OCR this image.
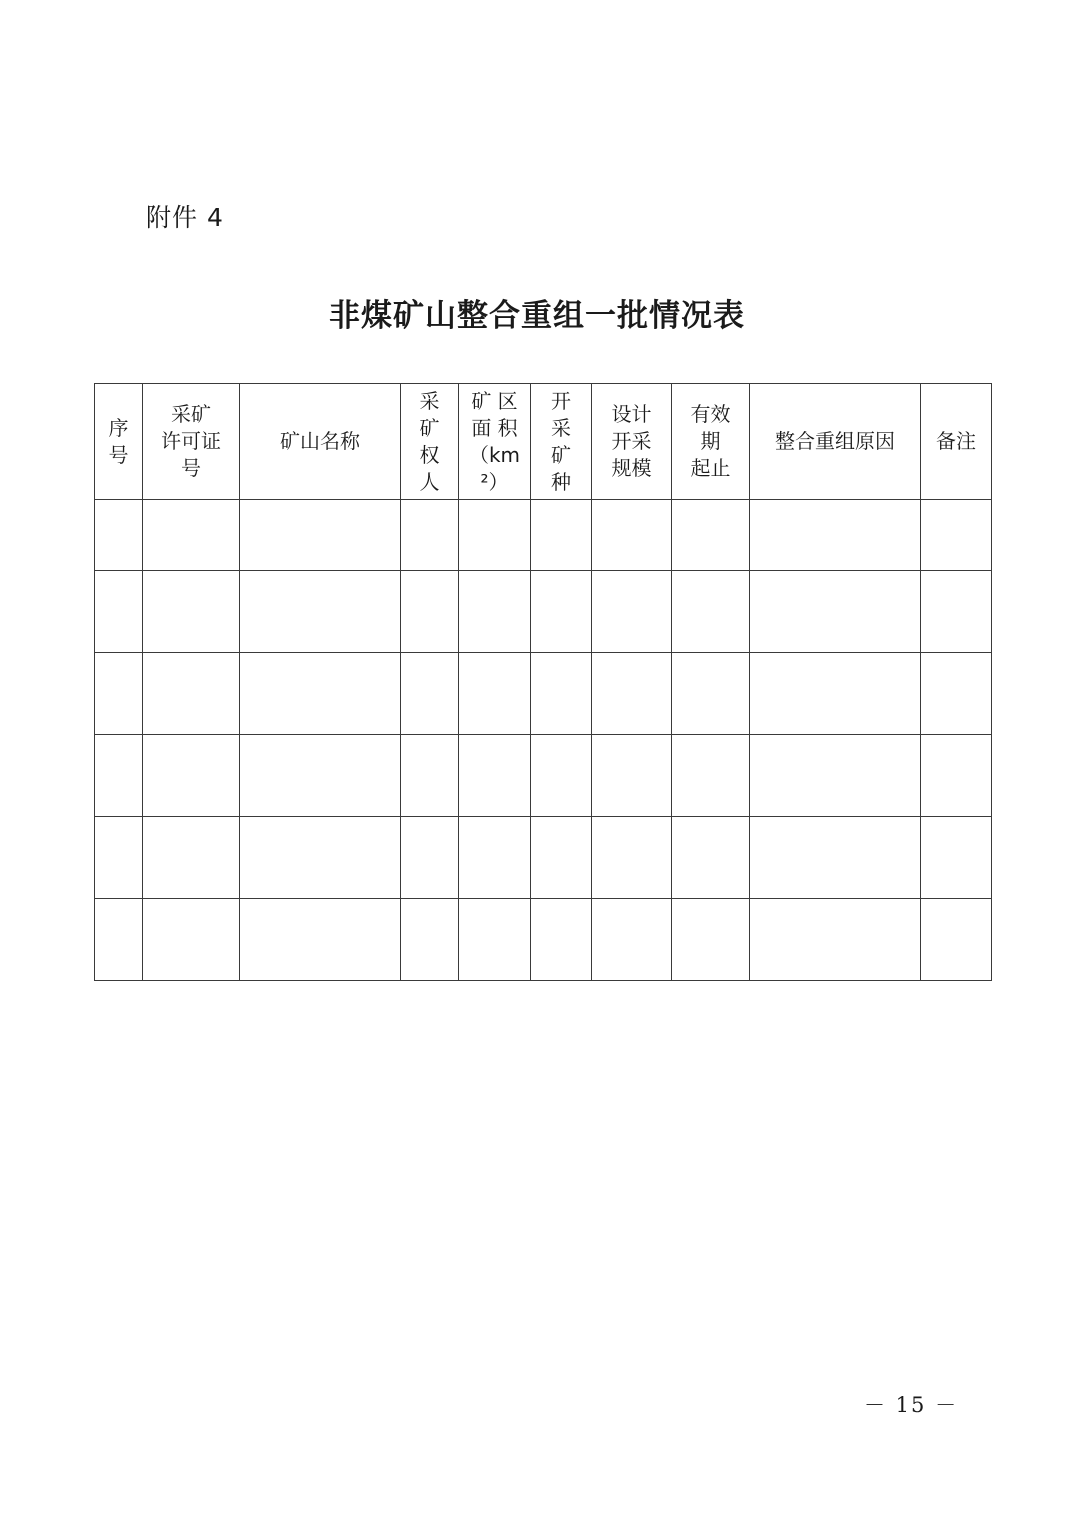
附件 4
非煤矿山整合重组一批情况表
序
号	采矿
许可证
号	矿山名称	采
矿
权
人	矿 区
面 积
（km
²）	开
采
矿
种	设计
开采
规模	有效
期
起止	整合重组原因	备注

－ 15 －
